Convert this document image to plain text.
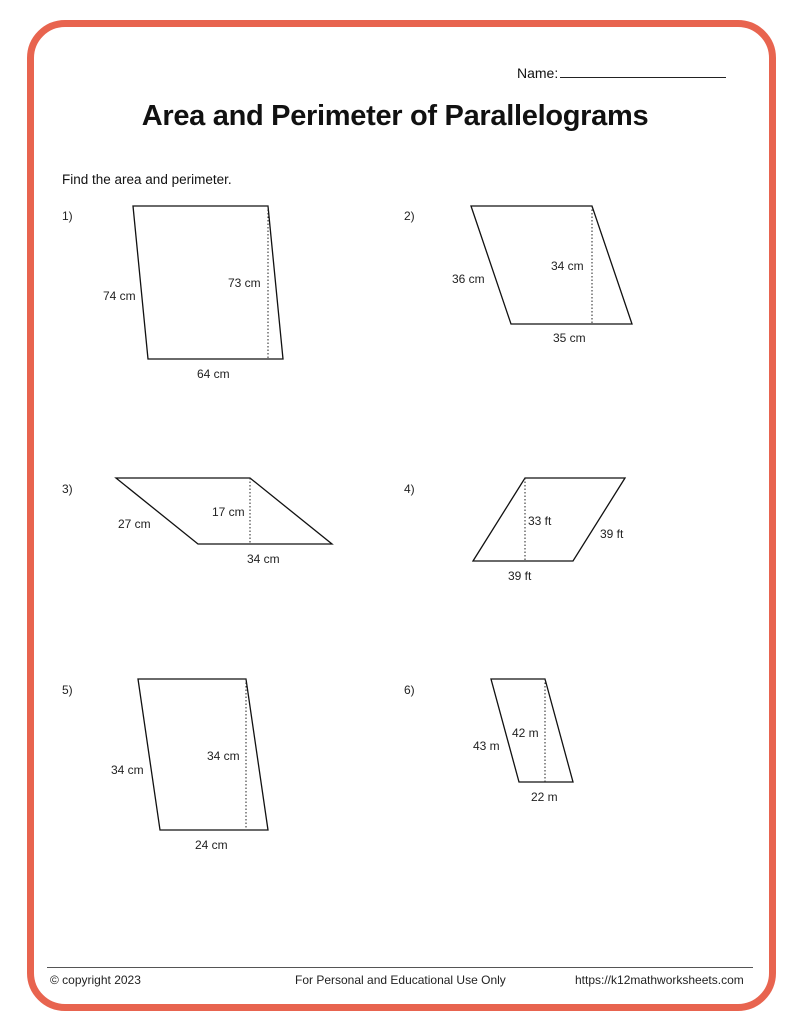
Name:
Area and Perimeter of Parallelograms
Find the area and perimeter.
1)
74 cm
73 cm
64 cm
2)
36 cm
34 cm
35 cm
3)
27 cm
17 cm
34 cm
4)
39 ft
33 ft
39 ft
5)
34 cm
34 cm
24 cm
6)
43 m
42 m
22 m
© copyright 2023	For Personal and Educational Use Only	https://k12mathworksheets.com
